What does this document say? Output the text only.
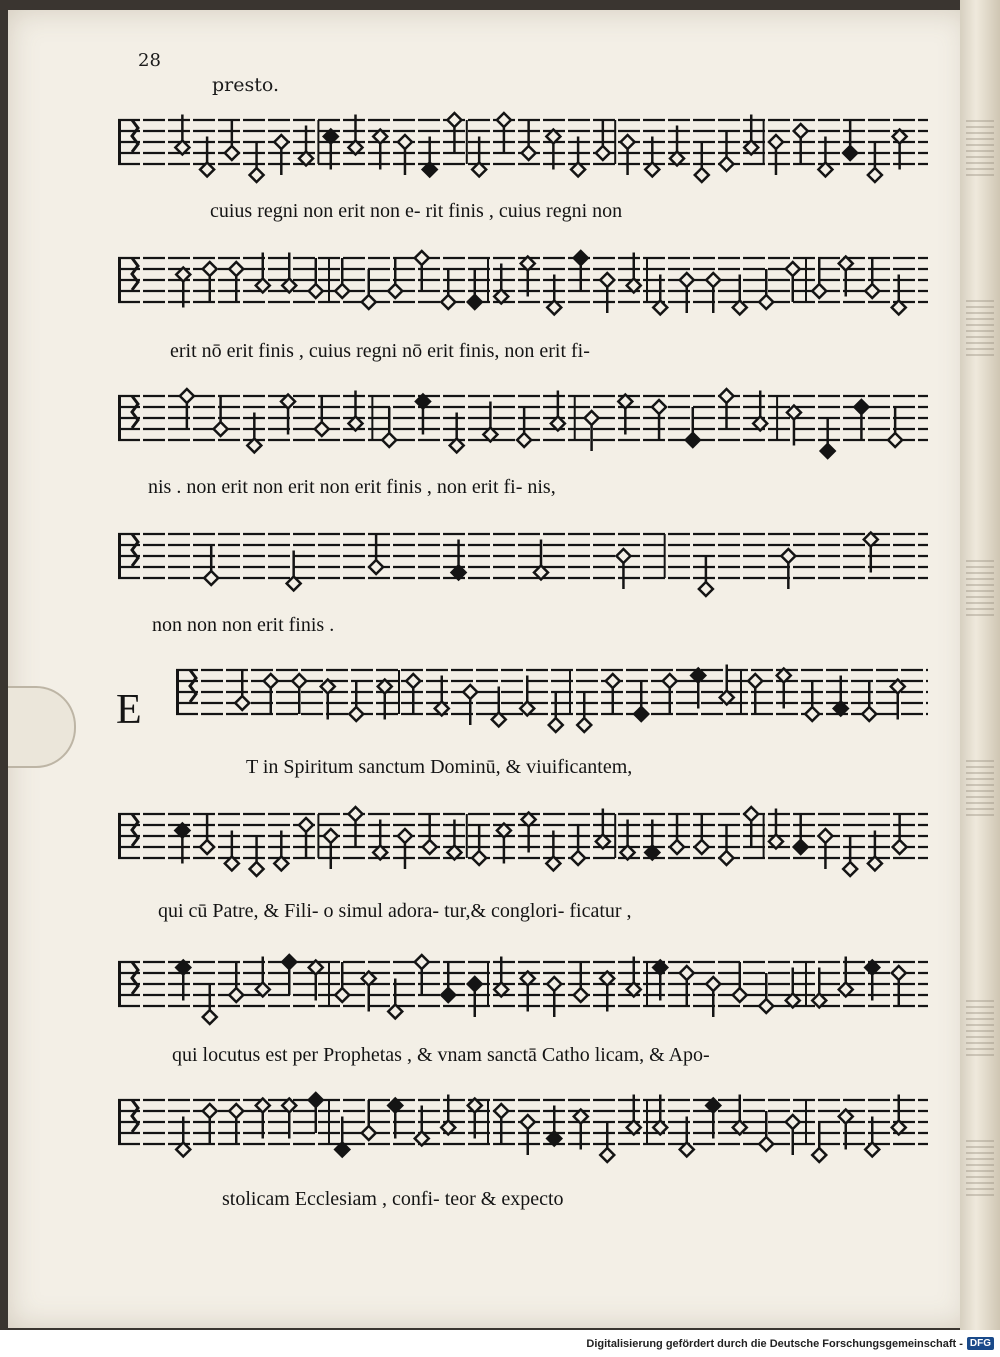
28
presto.
E
cuius regni non erit non e- rit finis , cuius regni non
erit nō erit finis , cuius regni nō erit finis, non erit fi-
nis . non erit non erit non erit finis , non erit fi- nis,
non non non erit finis .
T in Spiritum sanctum Dominū, & viuificantem,
qui cū Patre, & Fili- o simul adora- tur,& conglori- ficatur ,
qui locutus est per Prophetas , & vnam sanctā Catho licam, & Apo-
stolicam Ecclesiam , confi- teor & expecto
Digitalisierung gefördert durch die Deutsche Forschungsgemeinschaft - DFG
